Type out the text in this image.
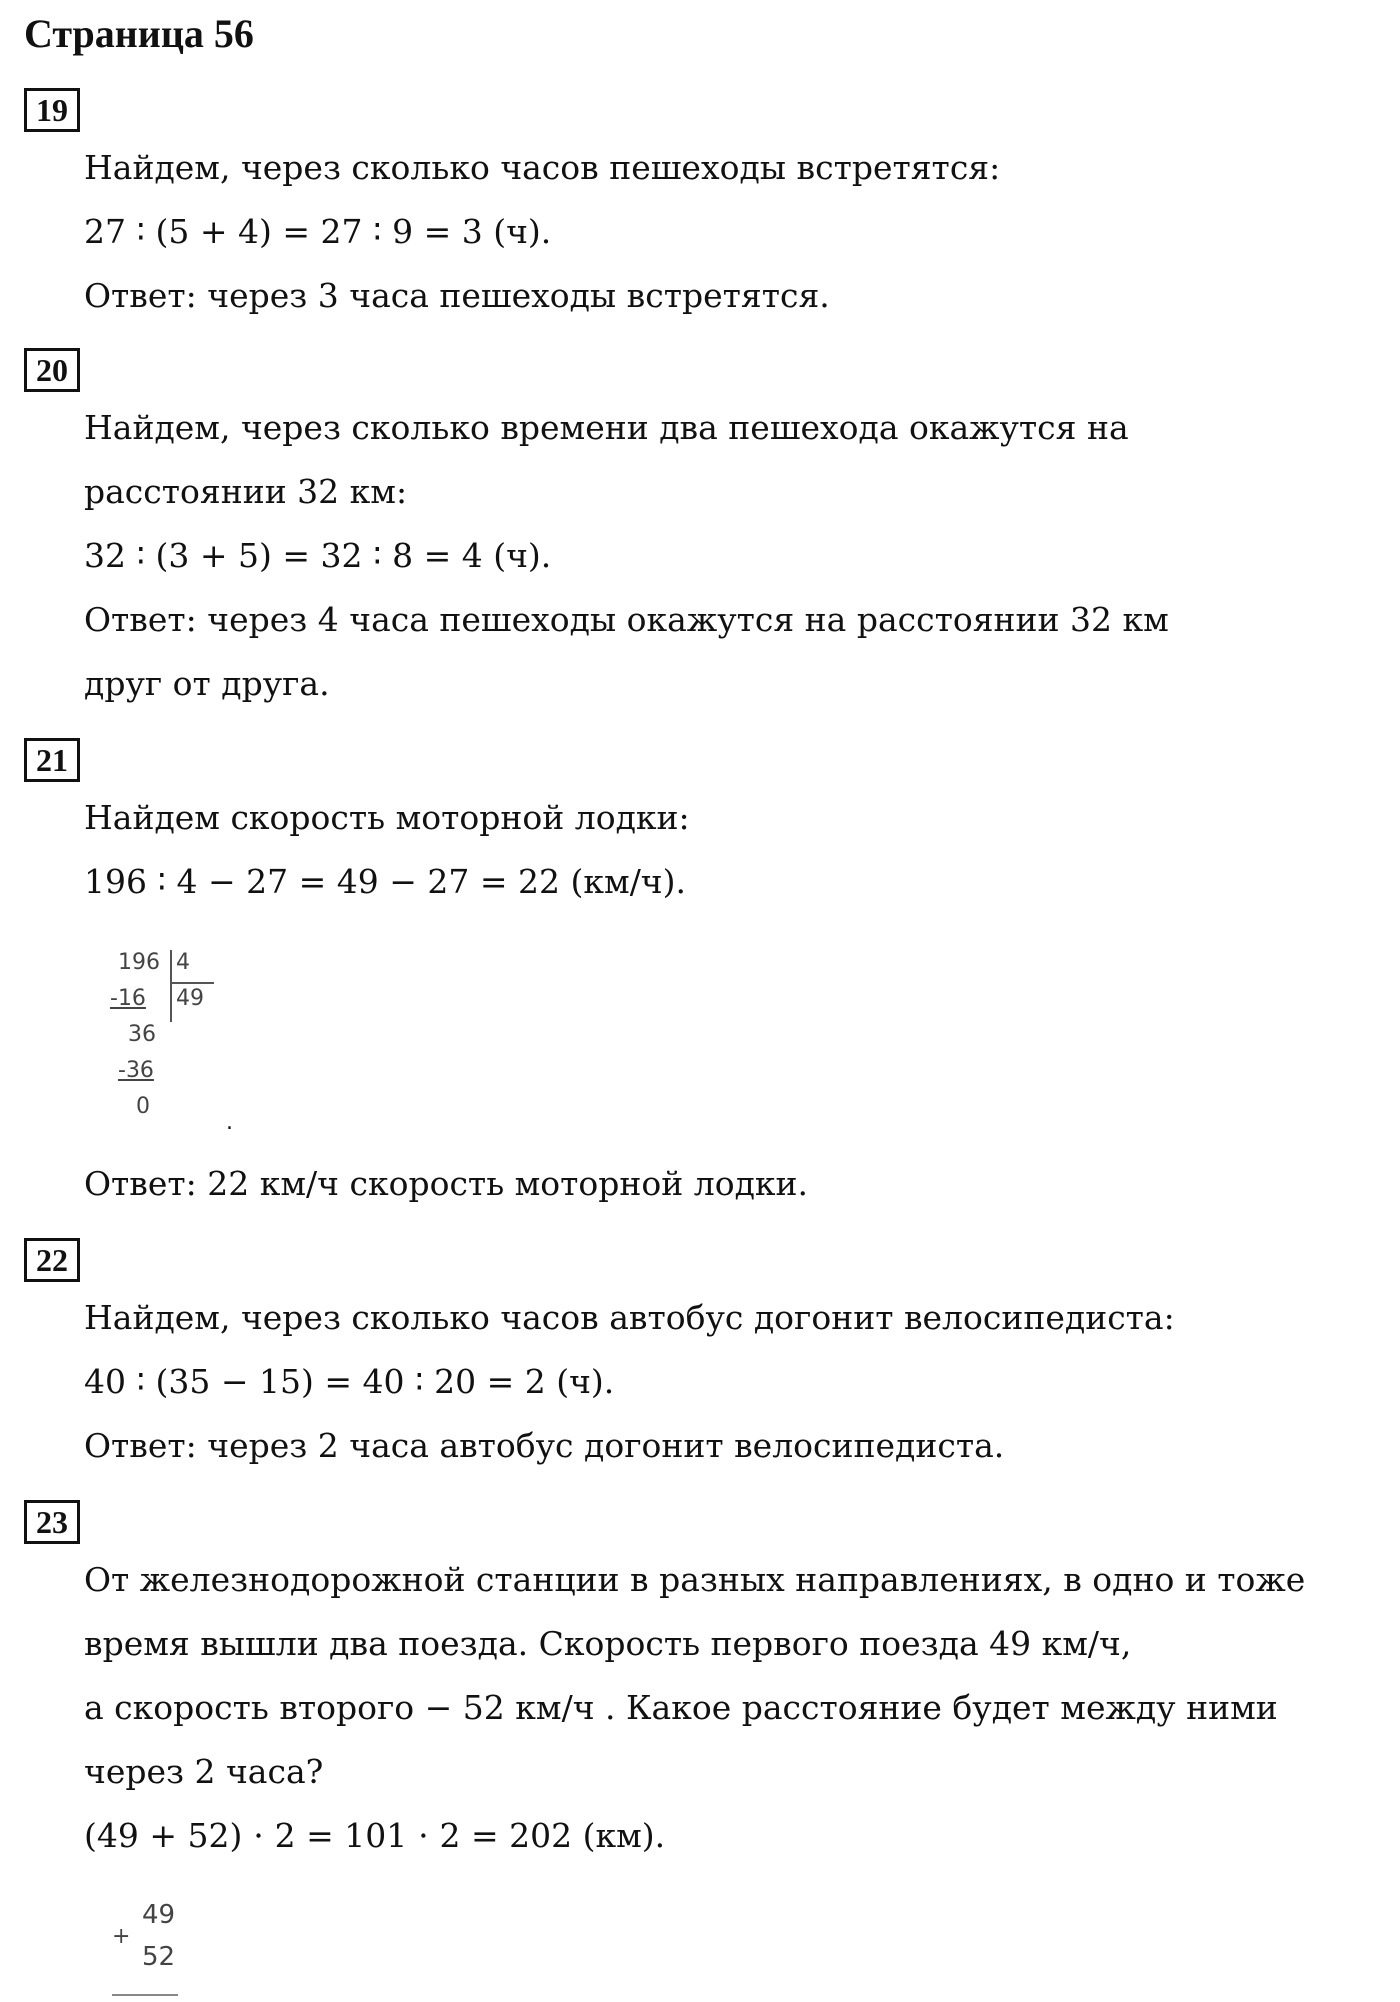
Страница 56
19
Найдем, через сколько часов пешеходы встретятся:
27 ∶ (5 + 4) = 27 ∶ 9 = 3 (ч).
Ответ: через 3 часа пешеходы встретятся.
20
Найдем, через сколько времени два пешехода окажутся на
расстоянии 32 км:
32 ∶ (3 + 5) = 32 ∶ 8 = 4 (ч).
Ответ: через 4 часа пешеходы окажутся на расстоянии 32 км
друг от друга.
21
Найдем скорость моторной лодки:
196 ∶ 4 − 27 = 49 − 27 = 22 (км/ч).
196 4
-16 49
36
-36
0
.
Ответ: 22 км/ч скорость моторной лодки.
22
Найдем, через сколько часов автобус догонит велосипедиста:
40 ∶ (35 − 15) = 40 ∶ 20 = 2 (ч).
Ответ: через 2 часа автобус догонит велосипедиста.
23
От железнодорожной станции в разных направлениях, в одно и тоже
время вышли два поезда. Скорость первого поезда 49 км/ч,
а скорость второго − 52 км/ч . Какое расстояние будет между ними
через 2 часа?
(49 + 52) ⋅ 2 = 101 ⋅ 2 = 202 (км).
+
49
52
